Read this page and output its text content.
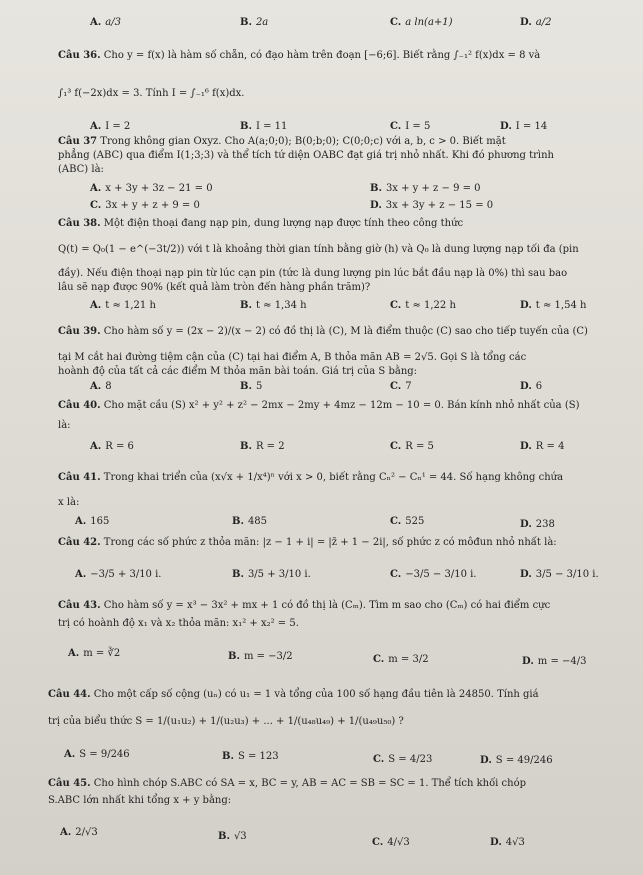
A. a/3	B. 2a	C. a ln(a+1)	D. a/2
Câu 36. Cho y = f(x) là hàm số chẵn, có đạo hàm trên đoạn [−6;6]. Biết rằng ∫₋₁² f(x)dx = 8 và
∫₁³ f(−2x)dx = 3. Tính I = ∫₋₁⁶ f(x)dx.
A. I = 2	B. I = 11	C. I = 5	D. I = 14
Câu 37 Trong không gian Oxyz. Cho A(a;0;0); B(0;b;0); C(0;0;c) với a, b, c > 0. Biết mặt
phẳng (ABC) qua điểm I(1;3;3) và thể tích tứ diện OABC đạt giá trị nhỏ nhất. Khi đó phương trình
(ABC) là:
A. x + 3y + 3z − 21 = 0	B. 3x + y + z − 9 = 0
C. 3x + y + z + 9 = 0	D. 3x + 3y + z − 15 = 0
Câu 38. Một điện thoại đang nạp pin, dung lượng nạp được tính theo công thức
Q(t) = Q₀(1 − e^(−3t/2)) với t là khoảng thời gian tính bằng giờ (h) và Q₀ là dung lượng nạp tối đa (pin
đầy). Nếu điện thoại nạp pin từ lúc cạn pin (tức là dung lượng pin lúc bắt đầu nạp là 0%) thì sau bao
lâu sẽ nạp được 90% (kết quả làm tròn đến hàng phần trăm)?
A. t ≈ 1,21 h	B. t ≈ 1,34 h	C. t ≈ 1,22 h	D. t ≈ 1,54 h
Câu 39. Cho hàm số y = (2x − 2)/(x − 2) có đồ thị là (C), M là điểm thuộc (C) sao cho tiếp tuyến của (C)
tại M cắt hai đường tiệm cận của (C) tại hai điểm A, B thỏa mãn AB = 2√5. Gọi S là tổng các
hoành độ của tất cả các điểm M thỏa mãn bài toán. Giá trị của S bằng:
A. 8	B. 5	C. 7	D. 6
Câu 40. Cho mặt cầu (S) x² + y² + z² − 2mx − 2my + 4mz − 12m − 10 = 0. Bán kính nhỏ nhất của (S)
là:
A. R = 6	B. R = 2	C. R = 5	D. R = 4
Câu 41. Trong khai triển của (x√x + 1/x⁴)ⁿ với x > 0, biết rằng Cₙ² − Cₙ¹ = 44. Số hạng không chứa
x là:
A. 165	B. 485	C. 525	D. 238
Câu 42. Trong các số phức z thỏa mãn: |z − 1 + i| = |z̄ + 1 − 2i|, số phức z có môđun nhỏ nhất là:
A. −3/5 + 3/10 i.	B. 3/5 + 3/10 i.	C. −3/5 − 3/10 i.	D. 3/5 − 3/10 i.
Câu 43. Cho hàm số y = x³ − 3x² + mx + 1 có đồ thị là (Cₘ). Tìm m sao cho (Cₘ) có hai điểm cực
trị có hoành độ x₁ và x₂ thỏa mãn: x₁² + x₂² = 5.
A. m = ∛2	B. m = −3/2	C. m = 3/2	D. m = −4/3
Câu 44. Cho một cấp số cộng (uₙ) có u₁ = 1 và tổng của 100 số hạng đầu tiên là 24850. Tính giá
trị của biểu thức S = 1/(u₁u₂) + 1/(u₂u₃) + ... + 1/(u₄₈u₄₉) + 1/(u₄₉u₅₀) ?
A. S = 9/246	B. S = 123	C. S = 4/23	D. S = 49/246
Câu 45. Cho hình chóp S.ABC có SA = x, BC = y, AB = AC = SB = SC = 1. Thể tích khối chóp
S.ABC lớn nhất khi tổng x + y bằng:
A. 2/√3	B. √3
C. 4/√3	D. 4√3
